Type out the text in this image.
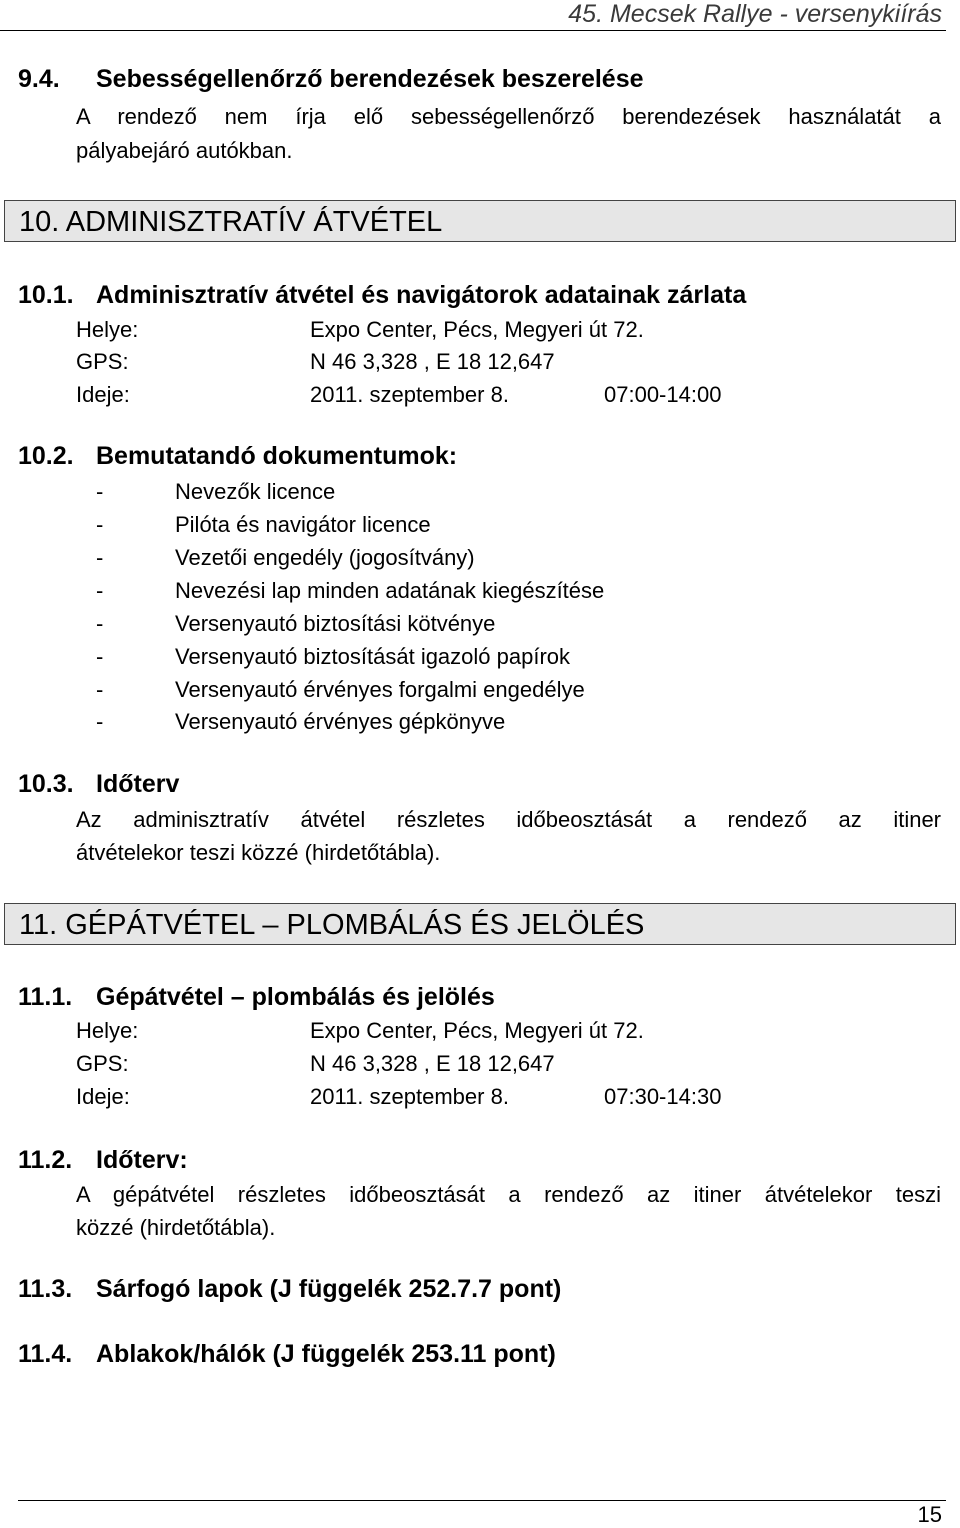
45. Mecsek Rallye - versenykiírás
9.4. Sebességellenőrző berendezések beszerelése
A rendező nem írja elő sebességellenőrző berendezések használatát a
pályabejáró autókban.
10. ADMINISZTRATÍV ÁTVÉTEL
10.1. Adminisztratív átvétel és navigátorok adatainak zárlata
Helye:	Expo Center, Pécs, Megyeri út 72.
GPS:	N 46 3,328 , E 18 12,647
Ideje:	2011. szeptember 8.	07:00-14:00
10.2. Bemutatandó dokumentumok:
-	Nevezők licence
-	Pilóta és navigátor licence
-	Vezetői engedély (jogosítvány)
-	Nevezési lap minden adatának kiegészítése
-	Versenyautó biztosítási kötvénye
-	Versenyautó biztosítását igazoló papírok
-	Versenyautó érvényes forgalmi engedélye
-	Versenyautó érvényes gépkönyve
10.3. Időterv
Az adminisztratív átvétel részletes időbeosztását a rendező az itiner
átvételekor teszi közzé (hirdetőtábla).
11. GÉPÁTVÉTEL – PLOMBÁLÁS ÉS JELÖLÉS
11.1. Gépátvétel – plombálás és jelölés
Helye:	Expo Center, Pécs, Megyeri út 72.
GPS:	N 46 3,328 , E 18 12,647
Ideje:	2011. szeptember 8.	07:30-14:30
11.2. Időterv:
A gépátvétel részletes időbeosztását a rendező az itiner átvételekor teszi
közzé (hirdetőtábla).
11.3. Sárfogó lapok (J függelék 252.7.7 pont)
11.4. Ablakok/hálók (J függelék 253.11 pont)
15
